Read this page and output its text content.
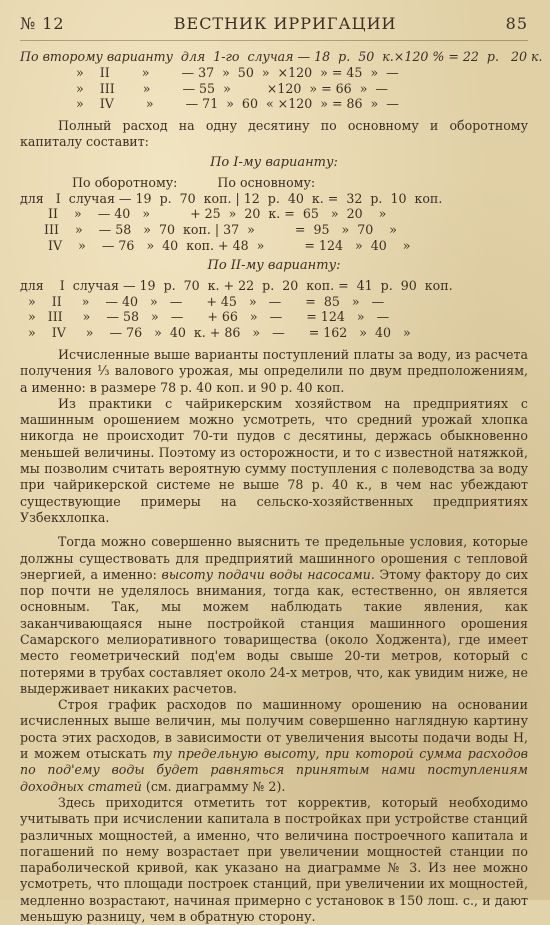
№ 12	ВЕСТНИК ИРРИГАЦИИ	85

По второму варианту  для  1-го  случая — 18  р.  50  к.×120 % = 22  р.   20 к.

»    II        »        — 37  »  50  »  ×120  » = 45  »  —

»    III       »        — 55  »         ×120  » = 66  »  —

»    IV        »        — 71  »  60  « ×120  » = 86  »  —

Полный расход на одну десятину по основному и оборотному капиталу составит:

По I-му варианту:

По оборотному:          По основному:

для   I  случая — 19  р.  70  коп. | 12  р.  40  к. =  32  р.  10  коп.

II    »    — 40   »          + 25  »  20  к. =  65   »  20    »

III    »    — 58   »  70  коп. | 37  »          =  95   »  70    »

IV    »    — 76   »  40  коп. + 48  »          = 124   »  40    »

По II-му варианту:

для    I  случая — 19  р.  70  к. + 22  р.  20  коп. =  41  р.  90  коп.

»    II     »    — 40   »   —      + 45   »   —      =  85   »   —

»   III     »    — 58   »   —      + 66   »   —      = 124   »   —

»    IV     »    — 76   »  40  к. + 86   »   —      = 162   »  40   »

Исчисленные выше варианты поступлений платы за воду, из расчета получения ⅓ валового урожая, мы определили по двум предположениям, а именно: в размере 78 р. 40 коп. и 90 р. 40 коп.

Из практики с чайрикерским хозяйством на предприятиях с машинным орошением можно усмотреть, что средний урожай хлопка никогда не происходит 70-ти пудов с десятины, держась обыкновенно меньшей величины. Поэтому из осторожности, и то с известной натяжкой, мы позволим считать вероятную сумму поступления с полеводства за воду при чайрикерской системе не выше 78 р. 40 к., в чем нас убеждают существующие примеры на сельско-хозяйственных предприятиях Узбекхлопка.

Тогда можно совершенно выяснить те предельные условия, которые должны существовать для предприятий машинного орошения с тепловой энергией, а именно: высоту подачи воды насосами. Этому фактору до сих пор почти не уделялось внимания, тогда как, естественно, он является основным. Так, мы можем наблюдать такие явления, как заканчивающаяся ныне постройкой станция машинного орошения Самарского мелиоративного товарищества (около Ходжента), где имеет место геометрический под'ем воды свыше 20-ти метров, который с потерями в трубах составляет около 24-х метров, что, как увидим ниже, не выдерживает никаких расчетов.

Строя график расходов по машинному орошению на основании исчисленных выше величин, мы получим совершенно наглядную картину роста этих расходов, в зависимости от увеличения высоты подачи воды H, и можем отыскать ту предельную высоту, при которой сумма расходов по под'ему воды будет равняться принятым нами поступлениям доходных статей (см. диаграмму № 2).

Здесь приходится отметить тот корректив, который необходимо учитывать при исчислении капитала в постройках при устройстве станций различных мощностей, а именно, что величина построечного капитала и погашений по нему возрастает при увеличении мощностей станции по параболической кривой, как указано на диаграмме № 3. Из нее можно усмотреть, что площади построек станций, при увеличении их мощностей, медленно возрастают, начиная примерно с установок в 150 лош. с., и дают меньшую разницу, чем в обратную сторону.
